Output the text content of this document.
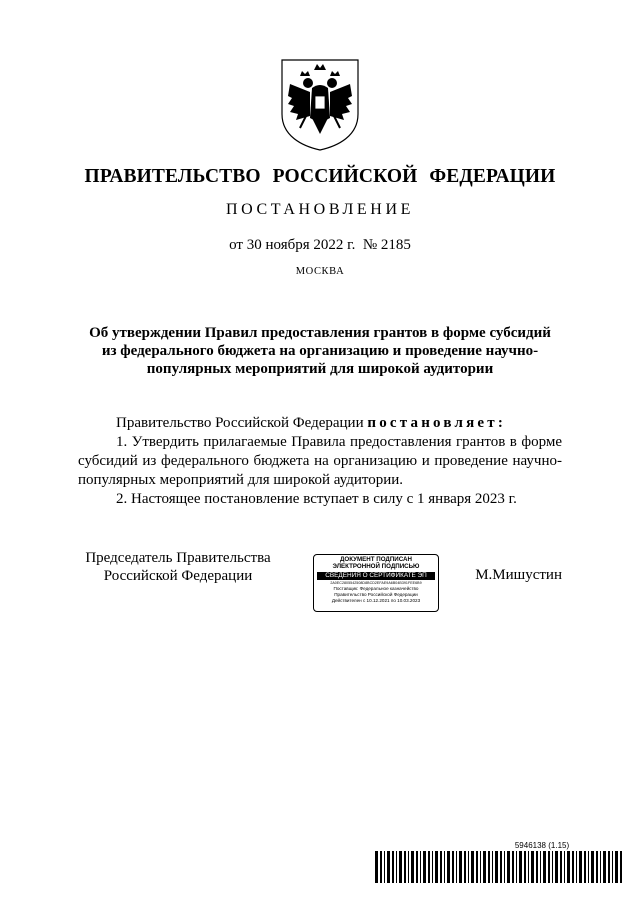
ПРАВИТЕЛЬСТВО РОССИЙСКОЙ ФЕДЕРАЦИИ
ПОСТАНОВЛЕНИЕ
от 30 ноября 2022 г.  № 2185
МОСКВА
Об утверждении Правил предоставления грантов в форме субсидий
из федерального бюджета на организацию и проведение научно-
популярных мероприятий для широкой аудитории

Правительство Российской Федерации постановляет:

1. Утвердить прилагаемые Правила предоставления грантов в форме субсидий из федерального бюджета на организацию и проведение научно-популярных мероприятий для широкой аудитории.

2. Настоящее постановление вступает в силу с 1 января 2023 г.

Председатель Правительства
Российской Федерации
ДОКУМЕНТ ПОДПИСАН
ЭЛЕКТРОННОЙ ПОДПИСЬЮ
СВЕДЕНИЯ О СЕРТИФИКАТЕ ЭП
2A0EC2805542508D8BCD2EFAE9A6B04B391FEE6B9
Поставщик: Федеральное казначейство
Правительство Российской Федерации
Действителен с 10.12.2021 по 10.03.2023
М.Мишустин
5946138 (1.15)
